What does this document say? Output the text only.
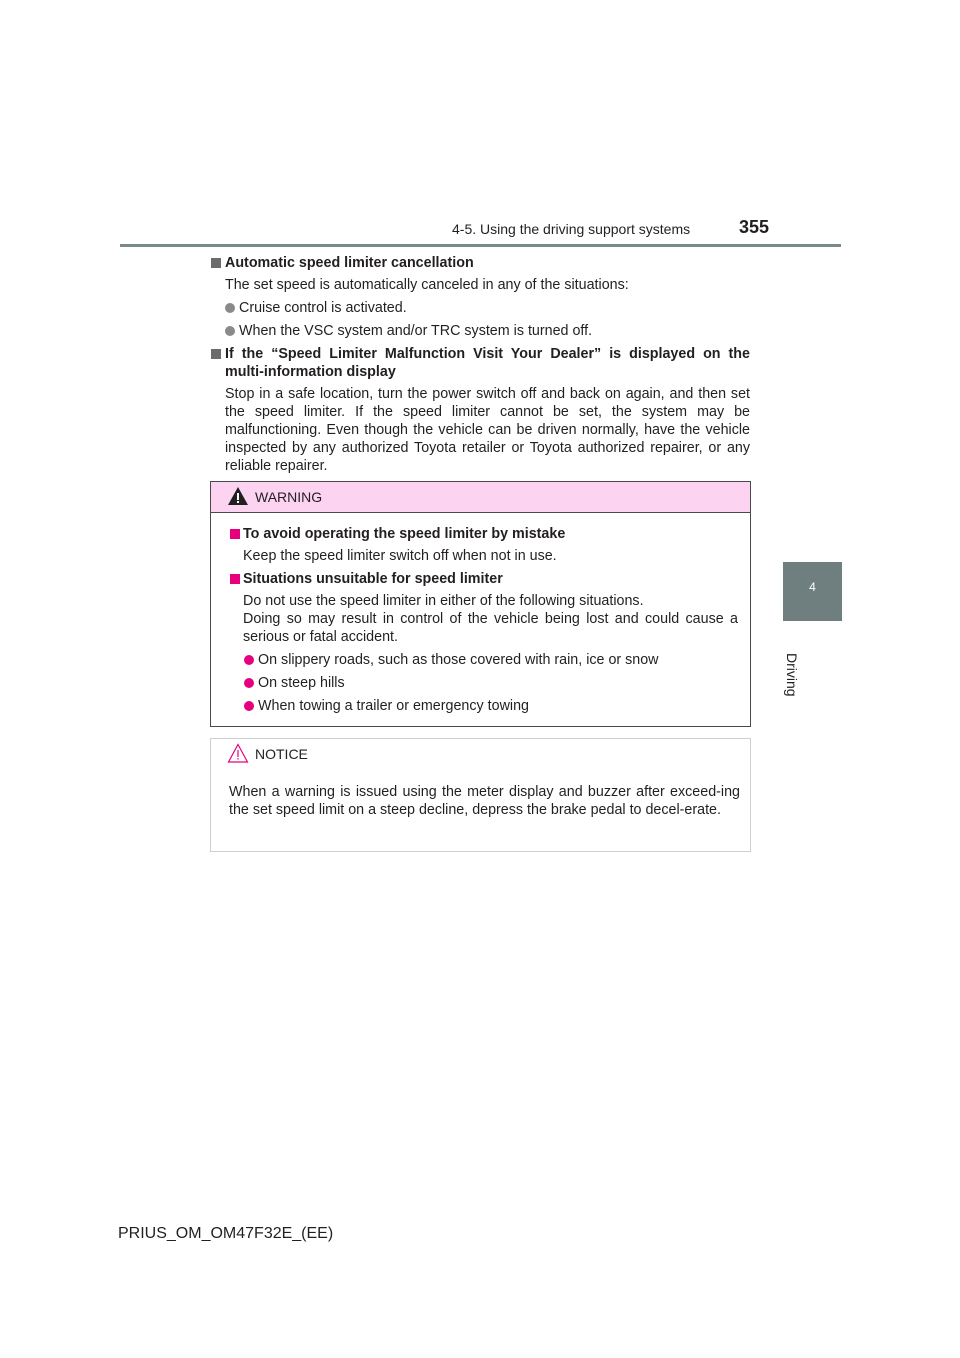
4-5. Using the driving support systems	355
4
Driving
Automatic speed limiter cancellation
The set speed is automatically canceled in any of the situations:
Cruise control is activated.
When the VSC system and/or TRC system is turned off.
If the “Speed Limiter Malfunction Visit Your Dealer” is displayed on the
multi-information display
Stop in a safe location, turn the power switch off and back on again, and then set the speed limiter. If the speed limiter cannot be set, the system may be malfunctioning. Even though the vehicle can be driven normally, have the vehicle inspected by any authorized Toyota retailer or Toyota authorized repairer, or any reliable repairer.
WARNING
To avoid operating the speed limiter by mistake
Keep the speed limiter switch off when not in use.
Situations unsuitable for speed limiter
Do not use the speed limiter in either of the following situations.
Doing so may result in control of the vehicle being lost and could cause a serious or fatal accident.
On slippery roads, such as those covered with rain, ice or snow
On steep hills
When towing a trailer or emergency towing
NOTICE
When a warning is issued using the meter display and buzzer after exceed-ing the set speed limit on a steep decline, depress the brake pedal to decel-erate.
PRIUS_OM_OM47F32E_(EE)
